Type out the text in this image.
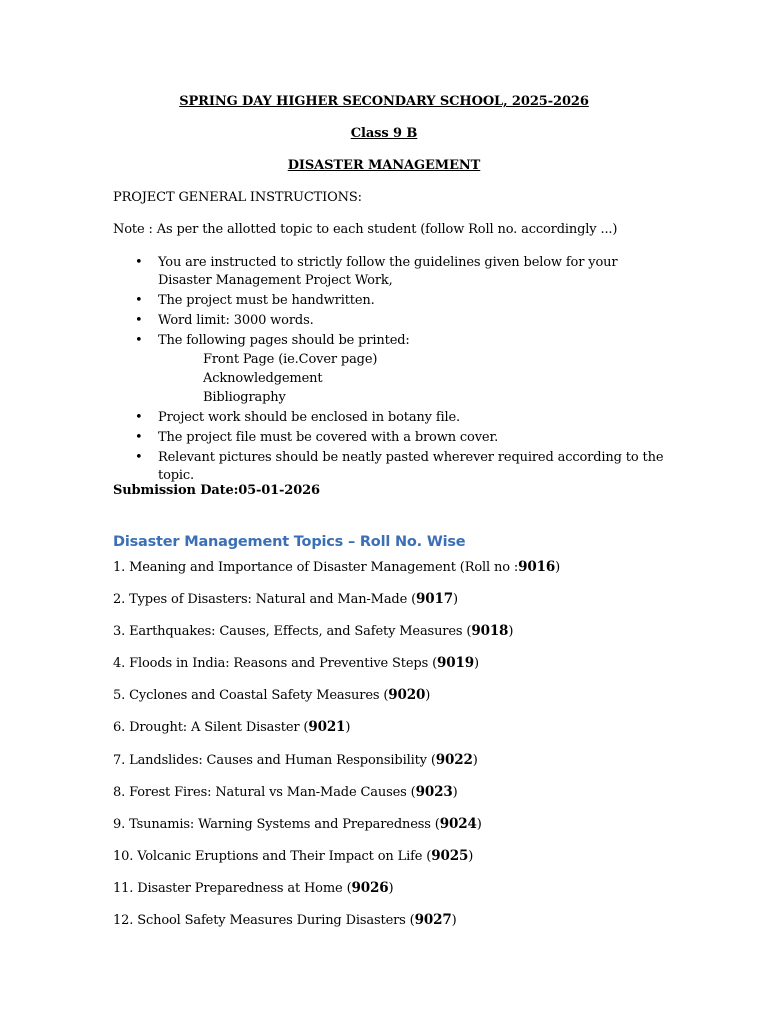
SPRING DAY HIGHER SECONDARY SCHOOL, 2025-2026
Class 9 B
DISASTER MANAGEMENT
PROJECT GENERAL INSTRUCTIONS:
Note : As per the allotted topic to each student (follow Roll no. accordingly ...)
• You are instructed to strictly follow the guidelines given below for your Disaster Management Project Work,
• The project must be handwritten.
• Word limit: 3000 words.
• The following pages should be printed:
Front Page (ie.Cover page)
Acknowledgement
Bibliography
• Project work should be enclosed in botany file.
• The project file must be covered with a brown cover.
• Relevant pictures should be neatly pasted wherever required according to the topic.
Submission Date:05-01-2026
Disaster Management Topics – Roll No. Wise
1. Meaning and Importance of Disaster Management (Roll no :9016)
2. Types of Disasters: Natural and Man-Made (9017)
3. Earthquakes: Causes, Effects, and Safety Measures (9018)
4. Floods in India: Reasons and Preventive Steps (9019)
5. Cyclones and Coastal Safety Measures (9020)
6. Drought: A Silent Disaster (9021)
7. Landslides: Causes and Human Responsibility (9022)
8. Forest Fires: Natural vs Man-Made Causes (9023)
9. Tsunamis: Warning Systems and Preparedness (9024)
10. Volcanic Eruptions and Their Impact on Life (9025)
11. Disaster Preparedness at Home (9026)
12. School Safety Measures During Disasters (9027)
